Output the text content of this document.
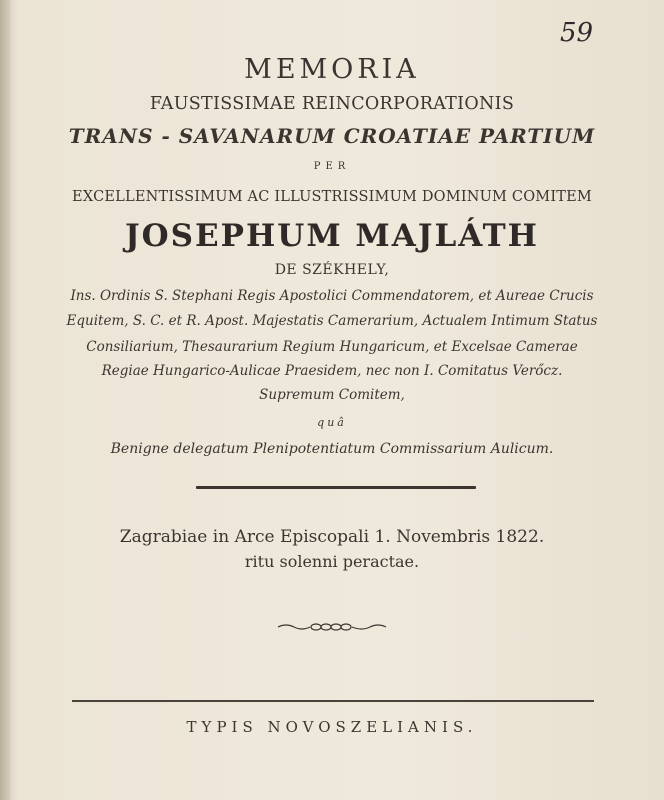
59
MEMORIA
FAUSTISSIMAE REINCORPORATIONIS
TRANS - SAVANARUM CROATIAE PARTIUM
PER
EXCELLENTISSIMUM AC ILLUSTRISSIMUM DOMINUM COMITEM
JOSEPHUM MAJLÁTH
DE SZÉKHELY,
Ins. Ordinis S. Stephani Regis Apostolici Commendatorem, et Aureae Crucis
Equitem, S. C. et R. Apost. Majestatis Camerarium, Actualem Intimum Status
Consiliarium, Thesaurarium Regium Hungaricum, et Excelsae Camerae
Regiae Hungarico-Aulicae Praesidem, nec non I. Comitatus Verőcz.
Supremum Comitem,
quâ
Benigne delegatum Plenipotentiatum Commissarium Aulicum.
Zagrabiae in Arce Episcopali 1. Novembris 1822.
ritu solenni peractae.
TYPIS NOVOSZELIANIS.
